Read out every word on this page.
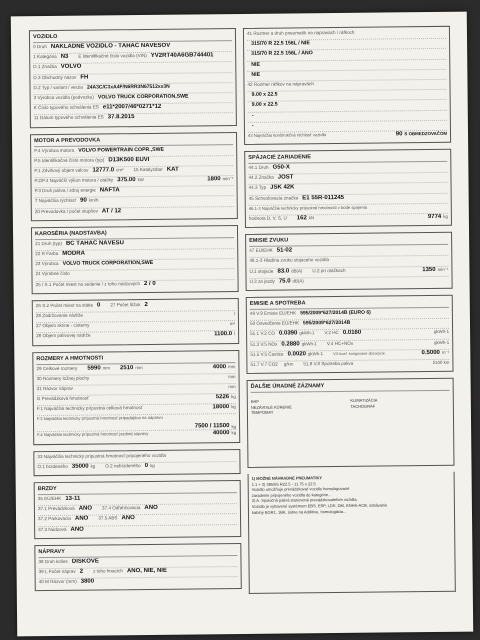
VOZIDLO
0 Druh NÁKLADNÉ VOZIDLO - ŤAHAČ NÁVESOV
1 Kategória N3 E Identifikačné číslo vozidla (VIN) YV2RT40A6GB744401
D.1 Značka VOLVO
D.3 Obchodný názov FH
D.2 Typ / variant / verzia 24A3C/C3xA4F/N6RR3N67512xx3N
3 Výrobca vozidla (podvozku) VOLVO TRUCK CORPORATION,SWE
K Číslo typového schválenia ES e11*2007/46*0271*12
11 Dátum typového schválenia ES 37.8.2015
MOTOR A PREVODOVKA
P.4 Výrobca motora VOLVO POWERTRAIN COPR.,SWE
P.5 Identifikačné číslo motora (typ) D13K500 EUVI
P.1 Zdvihový objem valcov 12777.0 cm³ 15 Katalyzátor KAT
P.2/P.4 Najväčší výkon motora / otáčky 375.00 kW	1800 min⁻¹
P.3 Druh paliva / zdroj energie NAFTA
T Najväčšia rýchlosť 90 km/h
20 Prevodovka / počet stupňov AT / 12
KAROSÉRIA (NADSTAVBA)
21 Druh (typ) BC ŤAHAČ NÁVESU
22 R Farba MODRÁ
23 Výrobca VOLVO TRUCK CORPORATION,SWE
24 Výrobné číslo
25 / S.1 Počet miest na sedenie / z toho núdzových 2 / 0
26 S.2 Počet miest na státie 0 27 Počet lôžok 2
28 Zadržovanie nádrže	l
27 Objem skrine - cisterny	m³
28 Objem palivovej nádrže	1100.0 l
ROZMERY A HMOTNOSTI
29 Celkové rozmery 5990 mm 2510 mm	4000 mm
30 Rozmery ložnej plochy	mm
31 Rázvor náprav	mm
G Prevádzková hmotnosť	5226 kg
F.1 Najväčšia technicky prípustná celková hmotnosť	18000 kg
F.3 Najväčšia technicky prípustná hmotnosť pripadajúca na nápravu
7500 / 11500 kg
F.4 Najväčšia technicky prípustná hmotnosť jazdnej súpravy	40000 kg
33 Najväčšia technicky prípustná hmotnosť pripojeného vozidla
O.1 brzdeného 35000 kg O.2 nebrzdeného 0 kg
BRZDY
35 EÚ/EHK 13-11
37.1 Prevádzková ÁNO 37.4 Odľahčovacia ÁNO
37.2 Parkovacia ÁNO 37.5 ABS ÁNO
37.3 Núdzová ÁNO
NÁPRAVY
38 Druh kolies DISKOVÉ
39 L Počet náprav 2 z toho hnacích ÁNO, NIE, NIE
40 M Rázvor (mm) 3800
41 Rozmer a druh pneumatík na nápravách / ráfkoch
315/70 R 22.5 156L / NIE
315/70 R 22.5 156L / ÁNO
NIE
NIE
42 Rozmer ráfikov na nápravách
9.00 x 22.5
9.00 x 22.5
-
-
43 Najväčšia konštrukčná rýchlosť vozidla	90 S OBMEDZOVAČOM
SPÁJACIE ZARIADENIE
44.1 Druh G50-X
44.2 Značka JOST
44.3 Typ JSK 42K
45 Schvaľovacia značka E1 55R-011245
46.1-3 Najväčšie technicky prípustné hmotnosti v bode spojenia
hodnota D, V, S, U 162 kN	9774 kg
EMISIE ZVUKU
47 EÚ/EHK 51-02
48.1-3 Hladina zvuku stojaceho vozidla
U.1 stojacie 83.0 dB(A) U.2 pri otáčkach	1350 min⁻¹
U.3 za jazdy 75.0 dB(A)
EMISIE A SPOTREBA
49 V.9 Emisie EÚ/EHK 595/2009*627/2014B (EURO 6)
50 Osvedčenie EÚ/EHK 595/2009*627/2014B
51.1 V.2 CO 0.0390 gkWh-1 V.2 HC 0.0160	gkWh-1
51.3 V.5 NOx 0.2880 gkWh-1 V.4 HC+NOx	gkWh-1
51.5 V.5 Častice 0.0020 gkWh-1	V.6 koef. korigované absorpcie	0.5000 m⁻¹
51.7 V.7 CO2 g/km 51.8 V.8 Spotreba paliva	l/100 km
ĎALŠIE ÚRADNÉ ZÁZNAMY
EHP
NEZÁVISLÉ KÚRENIE
TEMPOMAT
KLIMATIZÁCIA
TACHOGRAF
1) MOŽNÉ NÁHRADNÉ PNEUMATIKY
1.1 + 2) 385/65 R22.5 - 11.75 x 22.5
Vozidlo umožňuje prevádzkovať vozidlo homologované
zaradenie pripojeného vozidla do kategórie...
2) A. Spoločná palivá stanovené prevádzkovateľom vozidla,
Vozidlo je vybavené systémom EBS, ESP, LDS, DM, ENHS-ACB, odsávanie
kabíny EGR1, 1BK, ústne na Additive, homologácia...
